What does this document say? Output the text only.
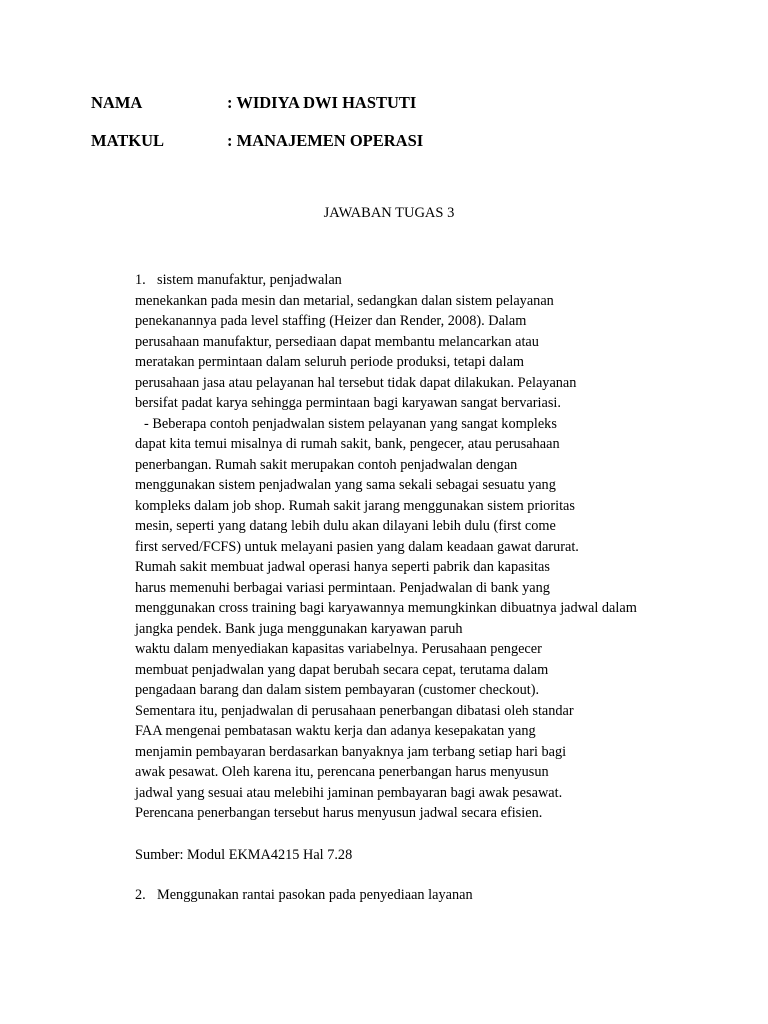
NAMA	: WIDIYA DWI HASTUTI
MATKUL	: MANAJEMEN OPERASI
JAWABAN TUGAS 3
1. sistem manufaktur, penjadwalan
menekankan pada mesin dan metarial, sedangkan dalan sistem pelayanan
penekanannya pada level staffing (Heizer dan Render, 2008). Dalam
perusahaan manufaktur, persediaan dapat membantu melancarkan atau
meratakan permintaan dalam seluruh periode produksi, tetapi dalam
perusahaan jasa atau pelayanan hal tersebut tidak dapat dilakukan. Pelayanan
bersifat padat karya sehingga permintaan bagi karyawan sangat bervariasi.
- Beberapa contoh penjadwalan sistem pelayanan yang sangat kompleks
dapat kita temui misalnya di rumah sakit, bank, pengecer, atau perusahaan
penerbangan. Rumah sakit merupakan contoh penjadwalan dengan
menggunakan sistem penjadwalan yang sama sekali sebagai sesuatu yang
kompleks dalam job shop. Rumah sakit jarang menggunakan sistem prioritas
mesin, seperti yang datang lebih dulu akan dilayani lebih dulu (first come
first served/FCFS) untuk melayani pasien yang dalam keadaan gawat darurat.
Rumah sakit membuat jadwal operasi hanya seperti pabrik dan kapasitas
harus memenuhi berbagai variasi permintaan. Penjadwalan di bank yang
menggunakan cross training bagi karyawannya memungkinkan dibuatnya jadwal dalam
jangka pendek. Bank juga menggunakan karyawan paruh
waktu dalam menyediakan kapasitas variabelnya. Perusahaan pengecer
membuat penjadwalan yang dapat berubah secara cepat, terutama dalam
pengadaan barang dan dalam sistem pembayaran (customer checkout).
Sementara itu, penjadwalan di perusahaan penerbangan dibatasi oleh standar
FAA mengenai pembatasan waktu kerja dan adanya kesepakatan yang
menjamin pembayaran berdasarkan banyaknya jam terbang setiap hari bagi
awak pesawat. Oleh karena itu, perencana penerbangan harus menyusun
jadwal yang sesuai atau melebihi jaminan pembayaran bagi awak pesawat.
Perencana penerbangan tersebut harus menyusun jadwal secara efisien.
Sumber: Modul EKMA4215 Hal 7.28
2. Menggunakan rantai pasokan pada penyediaan layanan
